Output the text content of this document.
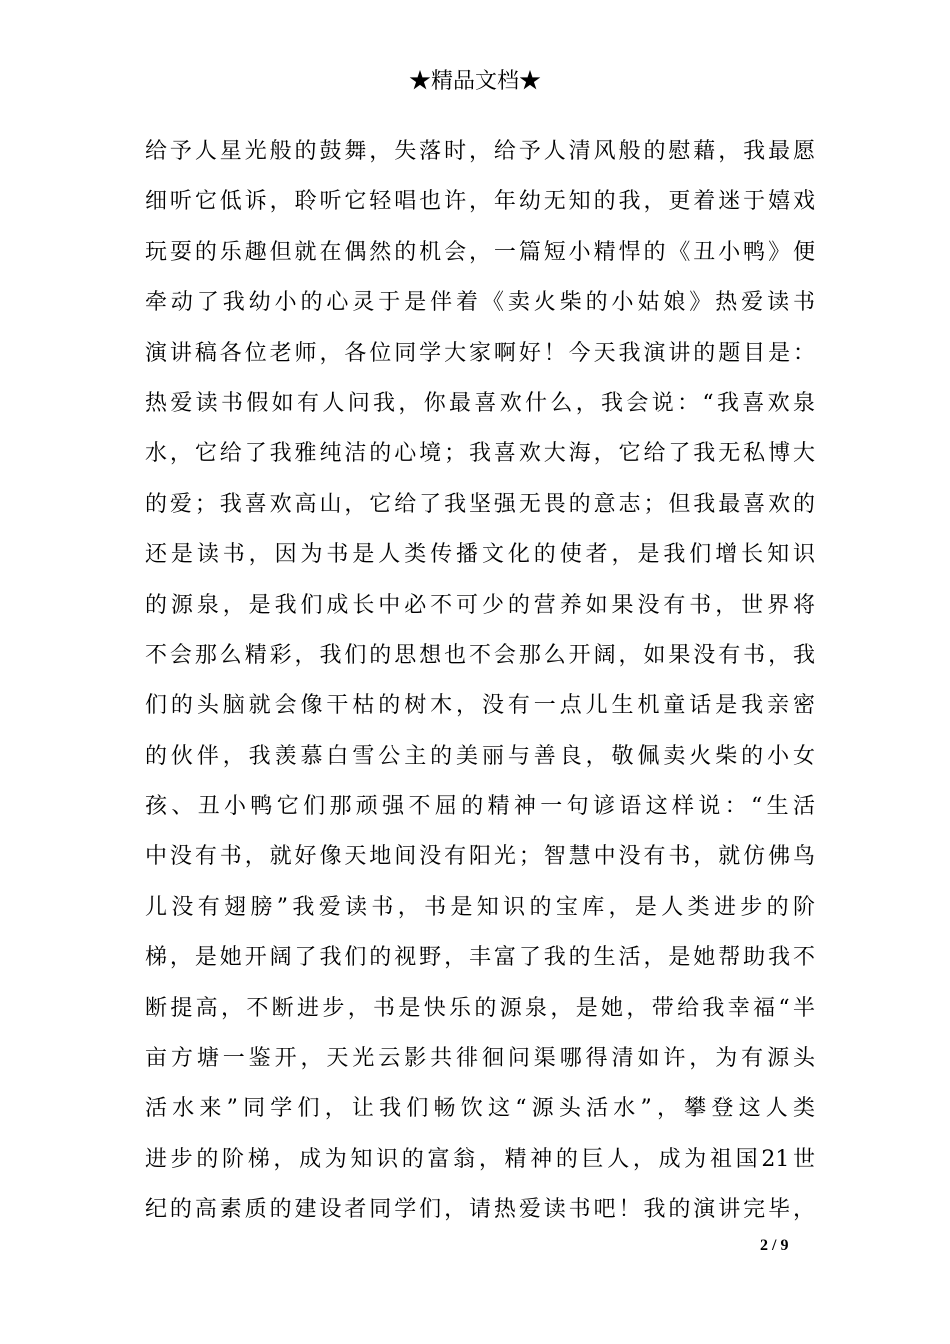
★精品文档★
给予人星光般的鼓舞，失落时，给予人清风般的慰藉，我最愿
细听它低诉，聆听它轻唱也许，年幼无知的我，更着迷于嬉戏
玩耍的乐趣但就在偶然的机会，一篇短小精悍的《丑小鸭》便
牵动了我幼小的心灵于是伴着《卖火柴的小姑娘》热爱读书
演讲稿各位老师，各位同学大家啊好！今天我演讲的题目是：
热爱读书假如有人问我，你最喜欢什么，我会说：“我喜欢泉
水，它给了我雅纯洁的心境；我喜欢大海，它给了我无私博大
的爱；我喜欢高山，它给了我坚强无畏的意志；但我最喜欢的
还是读书，因为书是人类传播文化的使者，是我们增长知识
的源泉，是我们成长中必不可少的营养如果没有书，世界将
不会那么精彩，我们的思想也不会那么开阔，如果没有书，我
们的头脑就会像干枯的树木，没有一点儿生机童话是我亲密
的伙伴，我羡慕白雪公主的美丽与善良，敬佩卖火柴的小女
孩、丑小鸭它们那顽强不屈的精神一句谚语这样说：“生活
中没有书，就好像天地间没有阳光；智慧中没有书，就仿佛鸟
儿没有翅膀”我爱读书，书是知识的宝库，是人类进步的阶
梯，是她开阔了我们的视野，丰富了我的生活，是她帮助我不
断提高，不断进步，书是快乐的源泉，是她，带给我幸福“半
亩方塘一鉴开，天光云影共徘徊问渠哪得清如许，为有源头
活水来”同学们，让我们畅饮这“源头活水”，攀登这人类
进步的阶梯，成为知识的富翁，精神的巨人，成为祖国21世
纪的高素质的建设者同学们，请热爱读书吧！我的演讲完毕，
2 / 9
